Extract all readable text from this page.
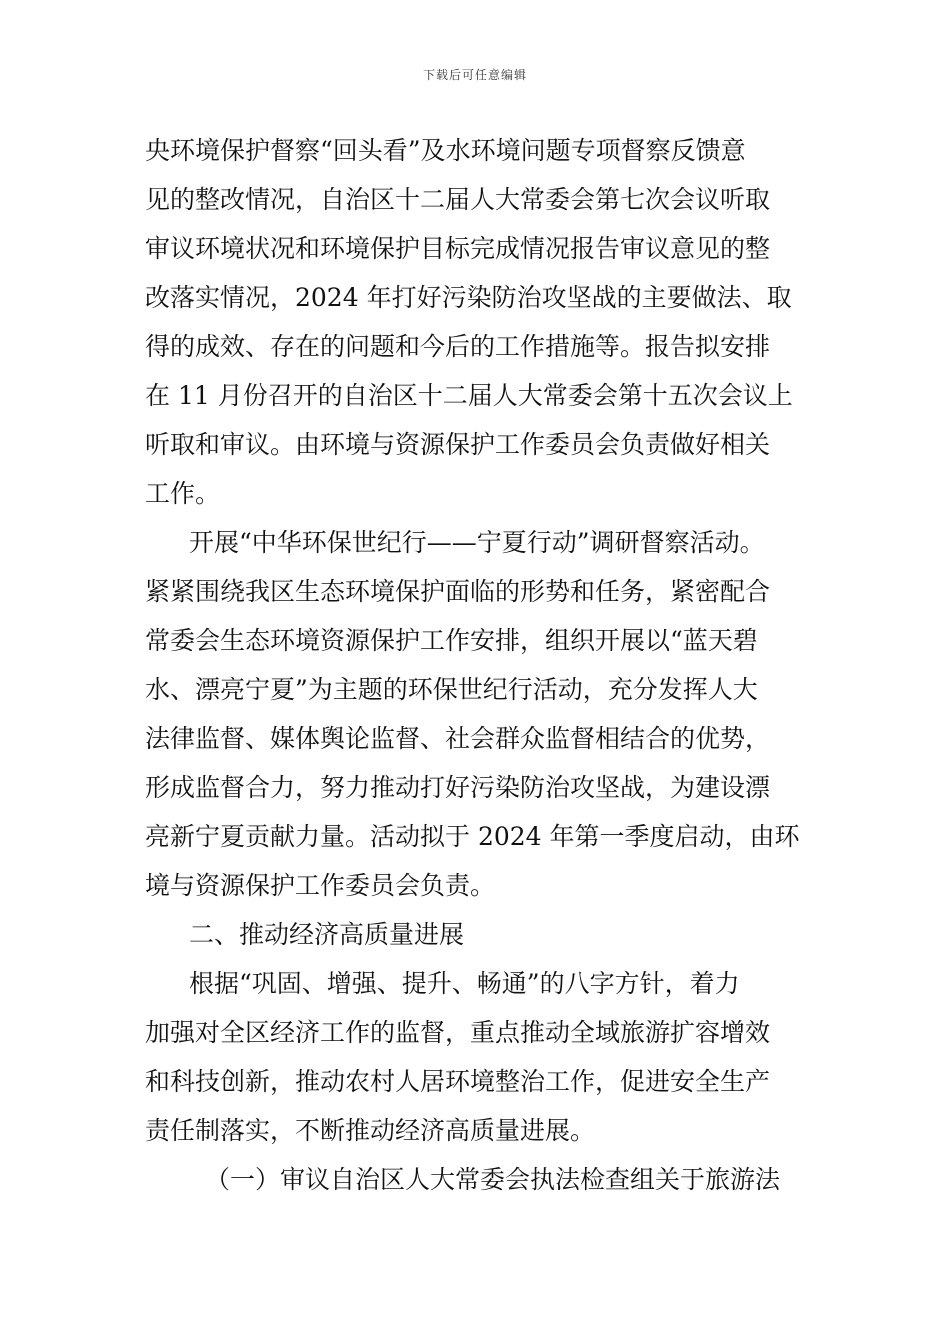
下载后可任意编辑
央环境保护督察“回头看”及水环境问题专项督察反馈意
见的整改情况，自治区十二届人大常委会第七次会议听取
审议环境状况和环境保护目标完成情况报告审议意见的整
改落实情况，2024 年打好污染防治攻坚战的主要做法、取
得的成效、存在的问题和今后的工作措施等。报告拟安排
在 11 月份召开的自治区十二届人大常委会第十五次会议上
听取和审议。由环境与资源保护工作委员会负责做好相关
工作。
开展“中华环保世纪行——宁夏行动”调研督察活动。
紧紧围绕我区生态环境保护面临的形势和任务，紧密配合
常委会生态环境资源保护工作安排，组织开展以“蓝天碧
水、漂亮宁夏”为主题的环保世纪行活动，充分发挥人大
法律监督、媒体舆论监督、社会群众监督相结合的优势，
形成监督合力，努力推动打好污染防治攻坚战，为建设漂
亮新宁夏贡献力量。活动拟于 2024 年第一季度启动，由环
境与资源保护工作委员会负责。
二、推动经济高质量进展
根据“巩固、增强、提升、畅通”的八字方针，着力
加强对全区经济工作的监督，重点推动全域旅游扩容增效
和科技创新，推动农村人居环境整治工作，促进安全生产
责任制落实，不断推动经济高质量进展。
（一）审议自治区人大常委会执法检查组关于旅游法
